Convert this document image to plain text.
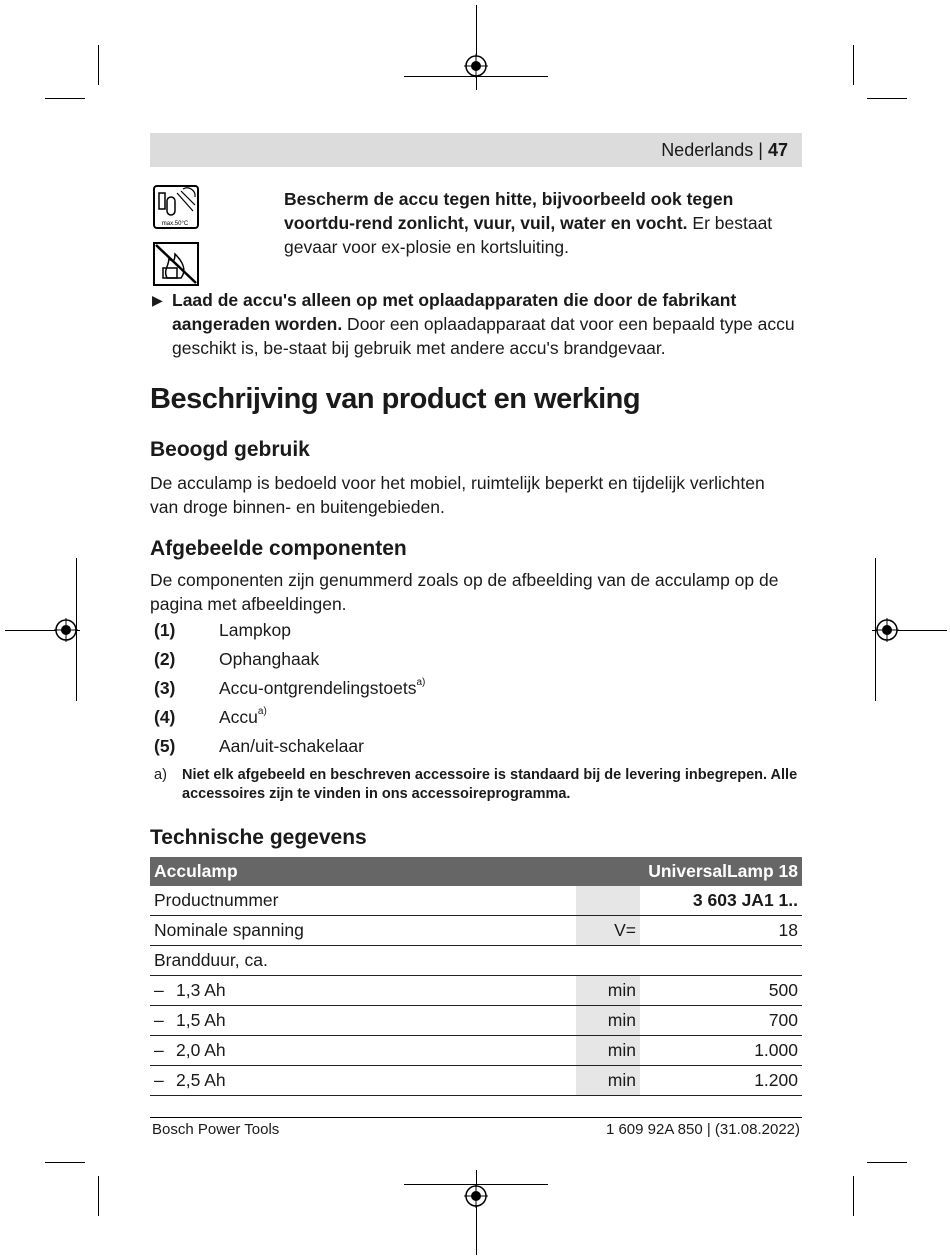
Nederlands | 47
max.50°C

Bescherm de accu tegen hitte, bijvoorbeeld ook tegen voortdu-rend zonlicht, vuur, vuil, water en vocht. Er bestaat gevaar voor ex-plosie en kortsluiting.
▶ Laad de accu's alleen op met oplaadapparaten die door de fabrikant aangeraden worden. Door een oplaadapparaat dat voor een bepaald type accu geschikt is, be-staat bij gebruik met andere accu's brandgevaar.
Beschrijving van product en werking
Beoogd gebruik
De acculamp is bedoeld voor het mobiel, ruimtelijk beperkt en tijdelijk verlichten van droge binnen- en buitengebieden.
Afgebeelde componenten
De componenten zijn genummerd zoals op de afbeelding van de acculamp op de pagina met afbeeldingen.
(1) Lampkop
(2) Ophanghaak
(3) Accu-ontgrendelingstoets$^{a)}$
(4) Accu$^{a)}$
(5) Aan/uit-schakelaar
a) Niet elk afgebeeld en beschreven accessoire is standaard bij de levering inbegrepen. Alle accessoires zijn te vinden in ons accessoireprogramma.
Technische gegevens
Acculamp		UniversalLamp 18
Productnummer		3 603 JA1 1..
Nominale spanning	V=	18
Brandduur, ca.		
– 1,3 Ah	min	500
– 1,5 Ah	min	700
– 2,0 Ah	min	1.000
– 2,5 Ah	min	1.200
Bosch Power Tools	1 609 92A 850 | (31.08.2022)
